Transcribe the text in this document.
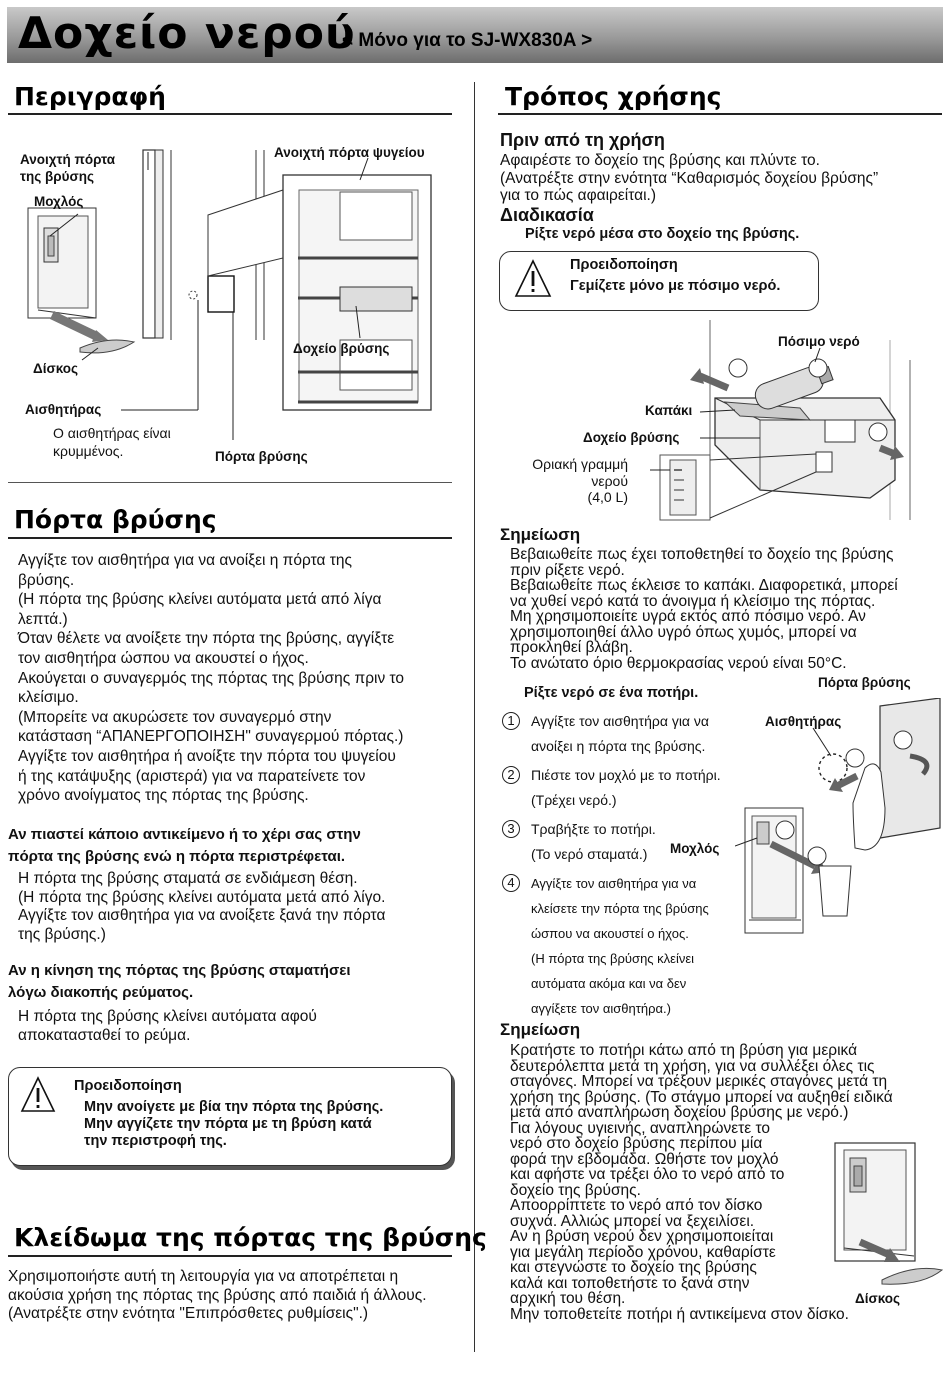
Δοχείο νερού
< Μόνο για το SJ-WX830A >
Περιγραφή
Ανοιχτή πόρτα
της βρύσης
Μοχλός
Δίσκος
Αισθητήρας
Ο αισθητήρας είναι
κρυμμένος.
Ανοιχτή πόρτα ψυγείου
Δοχείο βρύσης
Πόρτα βρύσης
Πόρτα βρύσης
Αγγίξτε τον αισθητήρα για να ανοίξει η πόρτα της
βρύσης.
(Η πόρτα της βρύσης κλείνει αυτόματα μετά από λίγα
λεπτά.)
Όταν θέλετε να ανοίξετε την πόρτα της βρύσης, αγγίξτε
τον αισθητήρα ώσπου να ακουστεί ο ήχος.
Ακούγεται ο συναγερμός της πόρτας της βρύσης πριν το
κλείσιμο.
(Μπορείτε να ακυρώσετε τον συναγερμό στην
κατάσταση “ΑΠΑΝΕΡΓΟΠΟΙΗΣΗ" συναγερμού πόρτας.)
Αγγίξτε τον αισθητήρα ή ανοίξτε την πόρτα του ψυγείου
ή της κατάψυξης (αριστερά) για να παρατείνετε τον
χρόνο ανοίγματος της πόρτας της βρύσης.
Αν πιαστεί κάποιο αντικείμενο ή το χέρι σας στην
πόρτα της βρύσης ενώ η πόρτα περιστρέφεται.
Η πόρτα της βρύσης σταματά σε ενδιάμεση θέση.
(Η πόρτα της βρύσης κλείνει αυτόματα μετά από λίγο.
Αγγίξτε τον αισθητήρα για να ανοίξετε ξανά την πόρτα
της βρύσης.)
Αν η κίνηση της πόρτας της βρύσης σταματήσει
λόγω διακοπής ρεύματος.
Η πόρτα της βρύσης κλείνει αυτόματα αφού
αποκατασταθεί το ρεύμα.
Προειδοποίηση
Μην ανοίγετε με βία την πόρτα της βρύσης.
Μην αγγίζετε την πόρτα με τη βρύση κατά
την περιστροφή της.
Κλείδωμα της πόρτας της βρύσης
Χρησιμοποιήστε αυτή τη λειτουργία για να αποτρέπεται η
ακούσια χρήση της πόρτας της βρύσης από παιδιά ή άλλους.
(Ανατρέξτε στην ενότητα "Επιπρόσθετες ρυθμίσεις".)
Τρόπος χρήσης
Πριν από τη χρήση
Αφαιρέστε το δοχείο της βρύσης και πλύντε το.
(Ανατρέξτε στην ενότητα “Καθαρισμός δοχείου βρύσης”
για το πώς αφαιρείται.)
Διαδικασία
Ρίξτε νερό μέσα στο δοχείο της βρύσης.
Προειδοποίηση
Γεμίζετε μόνο με πόσιμο νερό.
Πόσιμο νερό
Καπάκι
Δοχείο βρύσης
Οριακή γραμμή
νερού
(4,0 L)
Σημείωση
Βεβαιωθείτε πως έχει τοποθετηθεί το δοχείο της βρύσης
πριν ρίξετε νερό.
Βεβαιωθείτε πως έκλεισε το καπάκι. Διαφορετικά, μπορεί
να χυθεί νερό κατά το άνοιγμα ή κλείσιμο της πόρτας.
Μη χρησιμοποιείτε υγρά εκτός από πόσιμο νερό. Αν
χρησιμοποιηθεί άλλο υγρό όπως χυμός, μπορεί να
προκληθεί βλάβη.
Το ανώτατο όριο θερμοκρασίας νερού είναι 50°C.
Ρίξτε νερό σε ένα ποτήρι.
1	Αγγίξτε τον αισθητήρα για να
ανοίξει η πόρτα της βρύσης.
2	Πιέστε τον μοχλό με το ποτήρι.
(Τρέχει νερό.)
3	Τραβήξτε το ποτήρι.
(Το νερό σταματά.)
4	Αγγίξτε τον αισθητήρα για να
κλείσετε την πόρτα της βρύσης
ώσπου να ακουστεί ο ήχος.
(Η πόρτα της βρύσης κλείνει
αυτόματα ακόμα και να δεν
αγγίξετε τον αισθητήρα.)
Πόρτα βρύσης
Αισθητήρας
Μοχλός
Σημείωση
Κρατήστε το ποτήρι κάτω από τη βρύση για μερικά
δευτερόλεπτα μετά τη χρήση, για να συλλέξει όλες τις
σταγόνες. Μπορεί να τρέξουν μερικές σταγόνες μετά τη
χρήση της βρύσης. (Το στάγμο μπορεί να αυξηθεί ειδικά
μετά από αναπλήρωση δοχείου βρύσης με νερό.)
Για λόγους υγιεινής, αναπληρώνετε το
νερό στο δοχείο βρύσης περίπου μία
φορά την εβδομάδα. Ωθήστε τον μοχλό
και αφήστε να τρέξει όλο το νερό από το
δοχείο της βρύσης.
Αποορρίπτετε το νερό από τον δίσκο
συχνά. Αλλιώς μπορεί να ξεχειλίσει.
Αν η βρύση νερού δεν χρησιμοποιείται
για μεγάλη περίοδο χρόνου, καθαρίστε
και στεγνώστε το δοχείο της βρύσης
καλά και τοποθετήστε το ξανά στην
αρχική του θέση.
Μην τοποθετείτε ποτήρι ή αντικείμενα στον δίσκο.
Δίσκος
